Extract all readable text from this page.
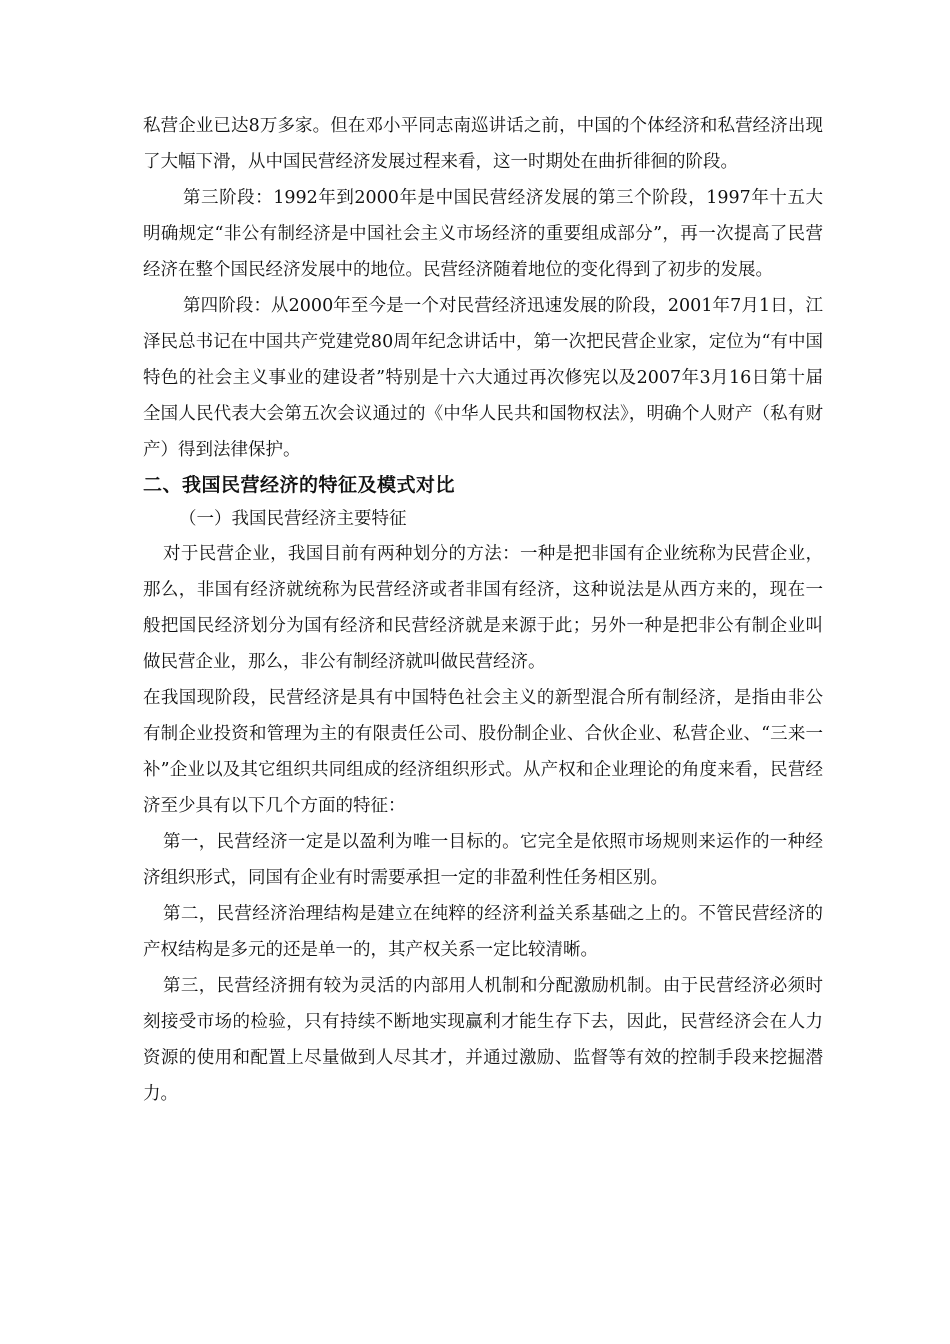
私营企业已达8万多家。但在邓小平同志南巡讲话之前，中国的个体经济和私营经济出现了大幅下滑，从中国民营经济发展过程来看，这一时期处在曲折徘徊的阶段。

第三阶段：1992年到2000年是中国民营经济发展的第三个阶段，1997年十五大明确规定“非公有制经济是中国社会主义市场经济的重要组成部分”，再一次提高了民营经济在整个国民经济发展中的地位。民营经济随着地位的变化得到了初步的发展。

第四阶段：从2000年至今是一个对民营经济迅速发展的阶段，2001年7月1日，江泽民总书记在中国共产党建党80周年纪念讲话中，第一次把民营企业家，定位为“有中国特色的社会主义事业的建设者”特别是十六大通过再次修宪以及2007年3月16日第十届全国人民代表大会第五次会议通过的《中华人民共和国物权法》，明确个人财产（私有财产）得到法律保护。

二、我国民营经济的特征及模式对比
（一）我国民营经济主要特征

对于民营企业，我国目前有两种划分的方法：一种是把非国有企业统称为民营企业，那么，非国有经济就统称为民营经济或者非国有经济，这种说法是从西方来的，现在一般把国民经济划分为国有经济和民营经济就是来源于此；另外一种是把非公有制企业叫做民营企业，那么，非公有制经济就叫做民营经济。

在我国现阶段，民营经济是具有中国特色社会主义的新型混合所有制经济，是指由非公有制企业投资和管理为主的有限责任公司、股份制企业、合伙企业、私营企业、“三来一补”企业以及其它组织共同组成的经济组织形式。从产权和企业理论的角度来看，民营经济至少具有以下几个方面的特征：

第一，民营经济一定是以盈利为唯一目标的。它完全是依照市场规则来运作的一种经济组织形式，同国有企业有时需要承担一定的非盈利性任务相区别。

第二，民营经济治理结构是建立在纯粹的经济利益关系基础之上的。不管民营经济的产权结构是多元的还是单一的，其产权关系一定比较清晰。

第三，民营经济拥有较为灵活的内部用人机制和分配激励机制。由于民营经济必须时刻接受市场的检验，只有持续不断地实现赢利才能生存下去，因此，民营经济会在人力资源的使用和配置上尽量做到人尽其才，并通过激励、监督等有效的控制手段来挖掘潜力。
